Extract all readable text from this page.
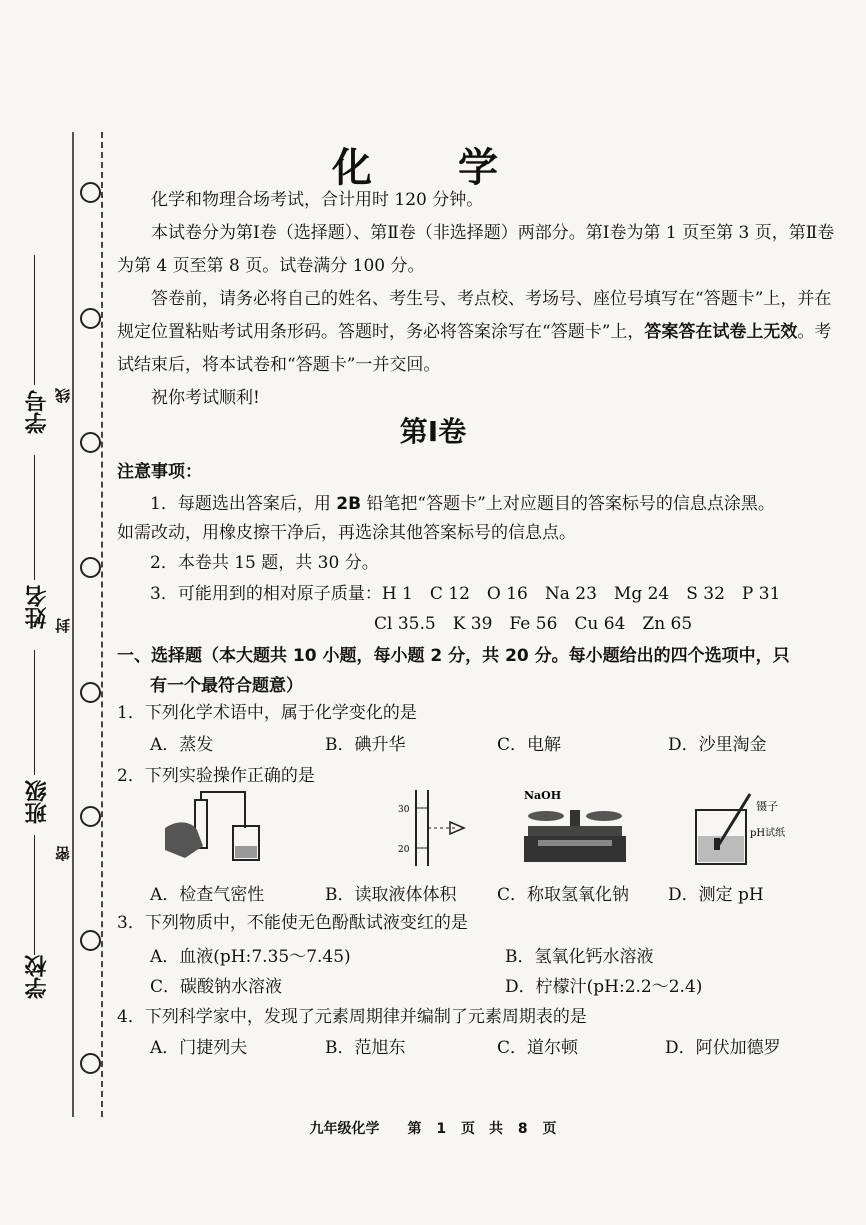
学号
姓名
班级
学校
线
封
密
化 学

化学和物理合场考试，合计用时 120 分钟。

本试卷分为第Ⅰ卷（选择题）、第Ⅱ卷（非选择题）两部分。第Ⅰ卷为第 1 页至第 3 页，第Ⅱ卷为第 4 页至第 8 页。试卷满分 100 分。

答卷前，请务必将自己的姓名、考生号、考点校、考场号、座位号填写在“答题卡”上，并在规定位置粘贴考试用条形码。答题时，务必将答案涂写在“答题卡”上，答案答在试卷上无效。考试结束后，将本试卷和“答题卡”一并交回。

祝你考试顺利!

第Ⅰ卷
注意事项：
1．每题选出答案后，用 2B 铅笔把“答题卡”上对应题目的答案标号的信息点涂黑。
如需改动，用橡皮擦干净后，再选涂其他答案标号的信息点。
2．本卷共 15 题，共 30 分。
3．可能用到的相对原子质量：H 1　C 12　O 16　Na 23　Mg 24　S 32　P 31
Cl 35.5　K 39　Fe 56　Cu 64　Zn 65
一、选择题（本大题共 10 小题，每小题 2 分，共 20 分。每小题给出的四个选项中，只
有一个最符合题意）
1．下列化学术语中，属于化学变化的是
A．蒸发	B．碘升华	C．电解	D．沙里淘金
2．下列实验操作正确的是
30
20
NaOH
镊子
pH试纸
A．检查气密性	B．读取液体体积 C．称取氢氧化钠 D．测定 pH
3．下列物质中，不能使无色酚酞试液变红的是
A．血液(pH:7.35～7.45)	B．氢氧化钙水溶液
C．碳酸钠水溶液	D．柠檬汁(pH:2.2～2.4)
4．下列科学家中，发现了元素周期律并编制了元素周期表的是
A．门捷列夫	B．范旭东	C．道尔顿	D．阿伏加德罗
九年级化学　　第 1 页　共 8 页
